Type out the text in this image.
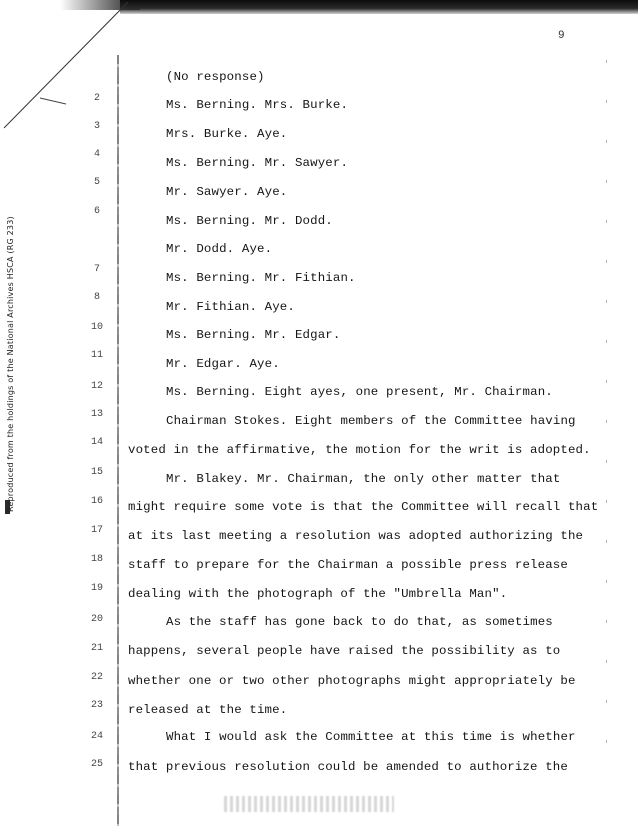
Reproduced from the holdings of the National Archives HSCA (RG 233)
9
2
3
4
5
6
7
8
10
11
12
13
14
15
16
17
18
19
20
21
22
23
24
25
(No response)
Ms. Berning. Mrs. Burke.
Mrs. Burke. Aye.
Ms. Berning. Mr. Sawyer.
Mr. Sawyer. Aye.
Ms. Berning. Mr. Dodd.
Mr. Dodd. Aye.
Ms. Berning. Mr. Fithian.
Mr. Fithian. Aye.
Ms. Berning. Mr. Edgar.
Mr. Edgar. Aye.
Ms. Berning. Eight ayes, one present, Mr. Chairman.
Chairman Stokes. Eight members of the Committee having
voted in the affirmative, the motion for the writ is adopted.
Mr. Blakey. Mr. Chairman, the only other matter that
might require some vote is that the Committee will recall that
at its last meeting a resolution was adopted authorizing the
staff to prepare for the Chairman a possible press release
dealing with the photograph of the "Umbrella Man".
As the staff has gone back to do that, as sometimes
happens, several people have raised the possibility as to
whether one or two other photographs might appropriately be
released at the time.
What I would ask the Committee at this time is whether
that previous resolution could be amended to authorize the
